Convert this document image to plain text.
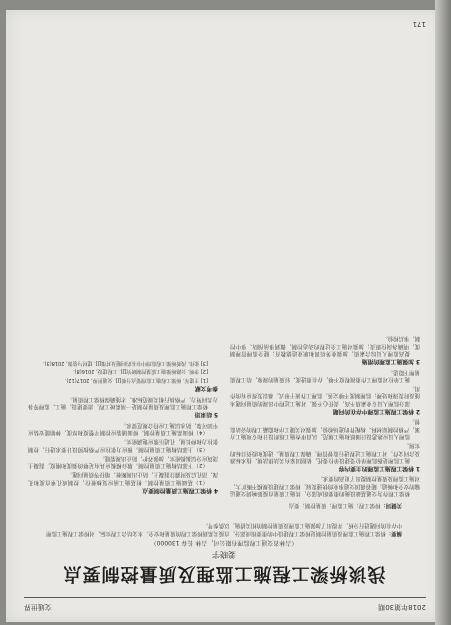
2018年第30期
交通世界
浅谈桥梁工程施工监理及质量控制要点
姜晓宇
（吉林省交通工程监理有限公司，吉林 长春 130000）
摘要：桥梁工程施工监理及质量控制是桥梁工程建设中的重要组成部分，直接关系到桥梁工程的质量和安全。本文结合工程实际，对桥梁工程施工监理中存在的问题进行分析，并提出了加强施工监理及质量控制的相关措施，以供参考。
关键词：桥梁工程；施工监理；质量控制；要点

桥梁工程作为交通基础设施的重要组成部分，其施工质量直接影响到交通运输的安全和畅通。随着我国交通事业的快速发展，桥梁工程建设规模不断扩大，对施工监理及质量控制提出了更高的要求。

1 桥梁工程施工监理的主要内容

施工监理是指监理单位受建设单位委托，依据国家有关法律法规、技术标准及合同文件，对工程施工过程进行监督管理，确保工程质量、进度和投资目标的实现。

监理人员应熟悉设计图纸和施工规范，认真审查施工组织设计和专项施工方案，严格控制原材料、构配件的进场检验，加强对关键工序和隐蔽工程的旁站监督。

2 桥梁工程施工监理中存在的问题

部分监理人员专业素质不高，责任心不强，对施工过程中出现的质量问题未能及时发现和处理；监理制度不够完善，监理工作流于形式，难以发挥应有的作用。

施工单位对监理工作重视程度不够，存在重进度、轻质量的现象，给工程质量埋下隐患。

3 加强施工监理的措施

提高监理人员综合素质，加强业务培训和职业道德教育；健全监理管理制度，明确各岗位职责；加强对施工全过程的动态控制，做到事前预防、事中控制、事后检验。

4 桥梁工程施工质量控制要点

（1）基础施工质量控制。桩基施工前应复核桩位，控制成孔垂直度和孔深，清孔后及时灌注混凝土，防止出现断桩、缩径等质量问题。

（2）下部结构施工质量控制。墩台模板应具有足够的强度和刚度，混凝土浇筑应分层振捣密实，加强养护，防止出现裂缝。

（3）上部结构施工质量控制。预应力张拉应严格按照设计要求进行，控制张拉力和伸长量，孔道压浆应饱满密实。

（4）桥面系施工质量控制。桥面铺装应控制平整度和厚度，伸缩缝安装应牢固可靠，防水层施工应符合规范要求。

5 结束语

桥梁工程施工监理及质量控制是一项系统工程，需要建设、施工、监理等各方共同努力，严格执行相关规范标准，才能确保桥梁工程质量。

参考文献

[1] 王建军. 桥梁工程施工监理要点分析[J]. 交通世界, 2017(12).

[2] 李明. 公路桥梁施工质量控制研究[J]. 工程建设, 2016(8).

[3] 张伟. 浅析桥梁工程监理中存在的问题及对策[J]. 建材与装饰, 2018(3).

171
